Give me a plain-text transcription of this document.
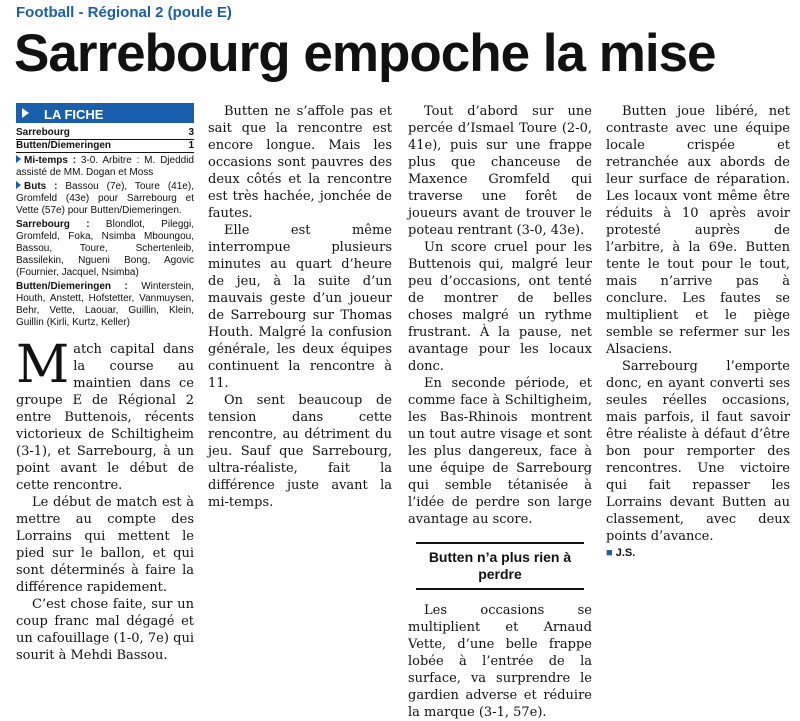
Football - Régional 2 (poule E)
Sarrebourg empoche la mise
LA FICHE
Sarrebourg	3
Butten/Diemeringen	1
Mi-temps : 3-0. Arbitre : M. Djeddid assisté de MM. Dogan et Moss
Buts : Bassou (7e), Toure (41e), Gromfeld (43e) pour Sarrebourg et Vette (57e) pour Butten/Diemeringen.
Sarrebourg : Blondlot, Pileggi, Gromfeld, Foka, Nsimba Mboungou, Bassou, Toure, Schertenleib, Bassilekin, Ngueni Bong, Agovic (Fournier, Jacquel, Nsimba)
Butten/Diemeringen : Winterstein, Houth, Anstett, Hofstetter, Vanmuysen, Behr, Vette, Laouar, Guillin, Klein, Guillin (Kirli, Kurtz, Keller)

Match capital dans la course au maintien dans ce groupe E de Régional 2 entre Buttenois, récents victorieux de Schiltigheim (3-1), et Sarrebourg, à un point avant le début de cette rencontre.

Le début de match est à mettre au compte des Lorrains qui mettent le pied sur le ballon, et qui sont déterminés à faire la différence rapidement.

C’est chose faite, sur un coup franc mal dégagé et un cafouillage (1-0, 7e) qui sourit à Mehdi Bassou.

Butten ne s’affole pas et sait que la rencontre est encore longue. Mais les occasions sont pauvres des deux côtés et la rencontre est très hachée, jonchée de fautes.

Elle est même interrompue plusieurs minutes au quart d’heure de jeu, à la suite d’un mauvais geste d’un joueur de Sarrebourg sur Thomas Houth. Malgré la confusion générale, les deux équipes continuent la rencontre à 11.

On sent beaucoup de tension dans cette rencontre, au détriment du jeu. Sauf que Sarrebourg, ultra-réaliste, fait la différence juste avant la mi-temps.

Tout d’abord sur une percée d’Ismael Toure (2-0, 41e), puis sur une frappe plus que chanceuse de Maxence Gromfeld qui traverse une forêt de joueurs avant de trouver le poteau rentrant (3-0, 43e).

Un score cruel pour les Buttenois qui, malgré leur peu d’occasions, ont tenté de montrer de belles choses malgré un rythme frustrant. À la pause, net avantage pour les locaux donc.

En seconde période, et comme face à Schiltigheim, les Bas-Rhinois montrent un tout autre visage et sont les plus dangereux, face à une équipe de Sarrebourg qui semble tétanisée à l’idée de perdre son large avantage au score.

Butten n’a plus rien à perdre

Les occasions se multiplient et Arnaud Vette, d’une belle frappe lobée à l’entrée de la surface, va surprendre le gardien adverse et réduire la marque (3-1, 57e).

Butten joue libéré, net contraste avec une équipe locale crispée et retranchée aux abords de leur surface de réparation. Les locaux vont même être réduits à 10 après avoir protesté auprès de l’arbitre, à la 69e. Butten tente le tout pour le tout, mais n’arrive pas à conclure. Les fautes se multiplient et le piège semble se refermer sur les Alsaciens.

Sarrebourg l’emporte donc, en ayant converti ses seules réelles occasions, mais parfois, il faut savoir être réaliste à défaut d’être bon pour remporter des rencontres. Une victoire qui fait repasser les Lorrains devant Butten au classement, avec deux points d’avance.

■ J.S.
